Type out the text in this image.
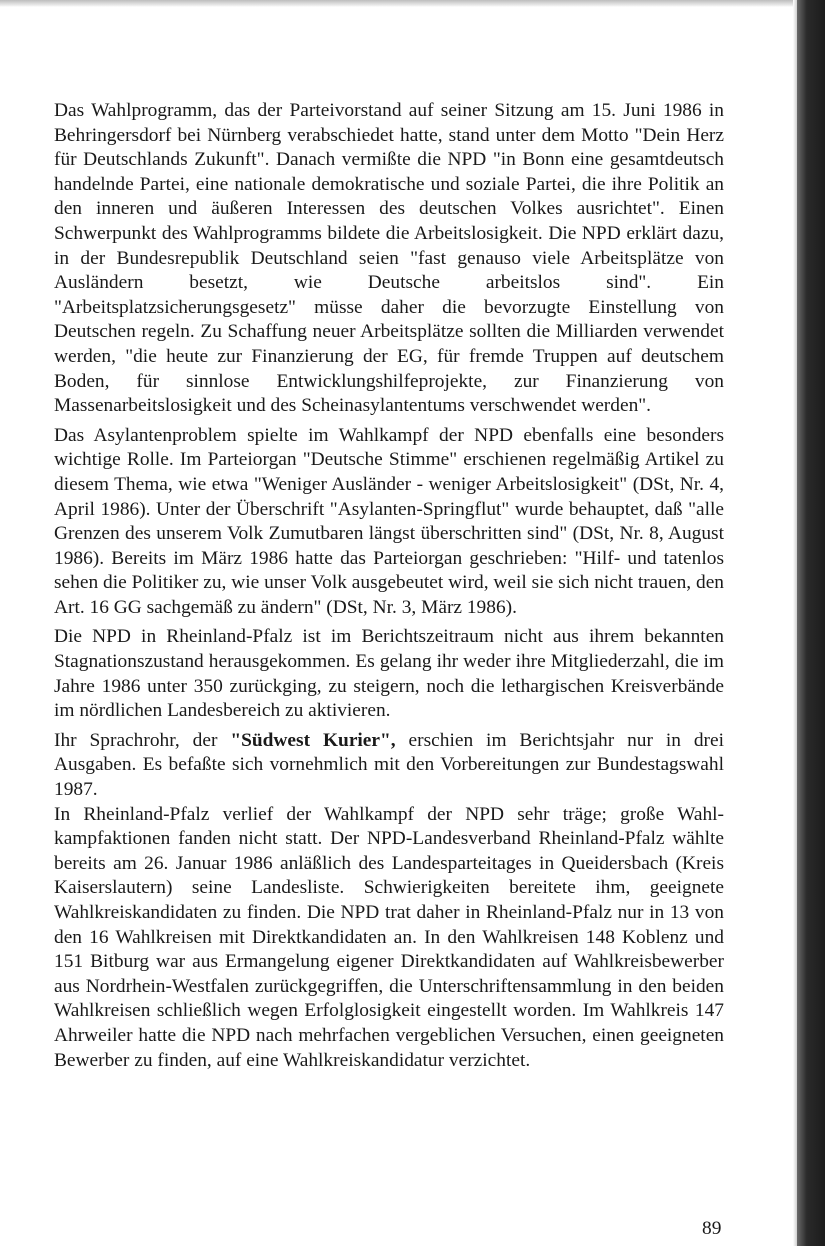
Das Wahlprogramm, das der Parteivorstand auf seiner Sitzung am 15. Juni 1986 in Behringersdorf bei Nürnberg verabschiedet hatte, stand unter dem Motto "Dein Herz für Deutschlands Zukunft". Danach vermißte die NPD "in Bonn eine gesamtdeutsch handelnde Partei, eine nationale demokratische und soziale Partei, die ihre Politik an den inneren und äußeren Interessen des deutschen Volkes ausrichtet". Einen Schwerpunkt des Wahlprogramms bildete die Arbeitslosigkeit. Die NPD erklärt dazu, in der Bundesrepublik Deutschland seien "fast genauso viele Arbeitsplätze von Ausländern besetzt, wie Deutsche arbeitslos sind". Ein "Arbeitsplatzsicherungsgesetz" müsse daher die bevorzugte Einstellung von Deutschen regeln. Zu Schaffung neuer Arbeitsplätze sollten die Milliarden verwendet werden, "die heute zur Finanzierung der EG, für fremde Truppen auf deutschem Boden, für sinnlose Entwicklungshilfeprojekte, zur Finanzierung von Massenarbeitslosigkeit und des Scheinasylantentums verschwendet werden".

Das Asylantenproblem spielte im Wahlkampf der NPD ebenfalls eine besonders wichtige Rolle. Im Parteiorgan "Deutsche Stimme" erschienen regelmäßig Artikel zu diesem Thema, wie etwa "Weniger Ausländer - weniger Arbeitslosigkeit" (DSt, Nr. 4, April 1986). Unter der Überschrift "Asylanten-Springflut" wurde behauptet, daß "alle Grenzen des unserem Volk Zumutbaren längst überschritten sind" (DSt, Nr. 8, August 1986). Bereits im März 1986 hatte das Parteiorgan geschrieben: "Hilf- und tatenlos sehen die Politiker zu, wie unser Volk ausgebeutet wird, weil sie sich nicht trauen, den Art. 16 GG sachgemäß zu ändern" (DSt, Nr. 3, März 1986).

Die NPD in Rheinland-Pfalz ist im Berichtszeitraum nicht aus ihrem bekannten Stagnationszustand herausgekommen. Es gelang ihr weder ihre Mitgliederzahl, die im Jahre 1986 unter 350 zurückging, zu steigern, noch die lethargischen Kreisverbände im nördlichen Landesbereich zu aktivieren.

Ihr Sprachrohr, der "Südwest Kurier", erschien im Berichtsjahr nur in drei Ausgaben. Es befaßte sich vornehmlich mit den Vorbereitungen zur Bundestagswahl 1987.

In Rheinland-Pfalz verlief der Wahlkampf der NPD sehr träge; große Wahlkampfaktionen fanden nicht statt. Der NPD-Landesverband Rheinland-Pfalz wählte bereits am 26. Januar 1986 anläßlich des Landesparteitages in Queidersbach (Kreis Kaiserslautern) seine Landesliste. Schwierigkeiten bereitete ihm, geeignete Wahlkreiskandidaten zu finden. Die NPD trat daher in Rheinland-Pfalz nur in 13 von den 16 Wahlkreisen mit Direktkandidaten an. In den Wahlkreisen 148 Koblenz und 151 Bitburg war aus Ermangelung eigener Direktkandidaten auf Wahlkreisbewerber aus Nordrhein-Westfalen zurückgegriffen, die Unterschriftensammlung in den beiden Wahlkreisen schließlich wegen Erfolglosigkeit eingestellt worden. Im Wahlkreis 147 Ahrweiler hatte die NPD nach mehrfachen vergeblichen Versuchen, einen geeigneten Bewerber zu finden, auf eine Wahlkreiskandidatur verzichtet.

89
